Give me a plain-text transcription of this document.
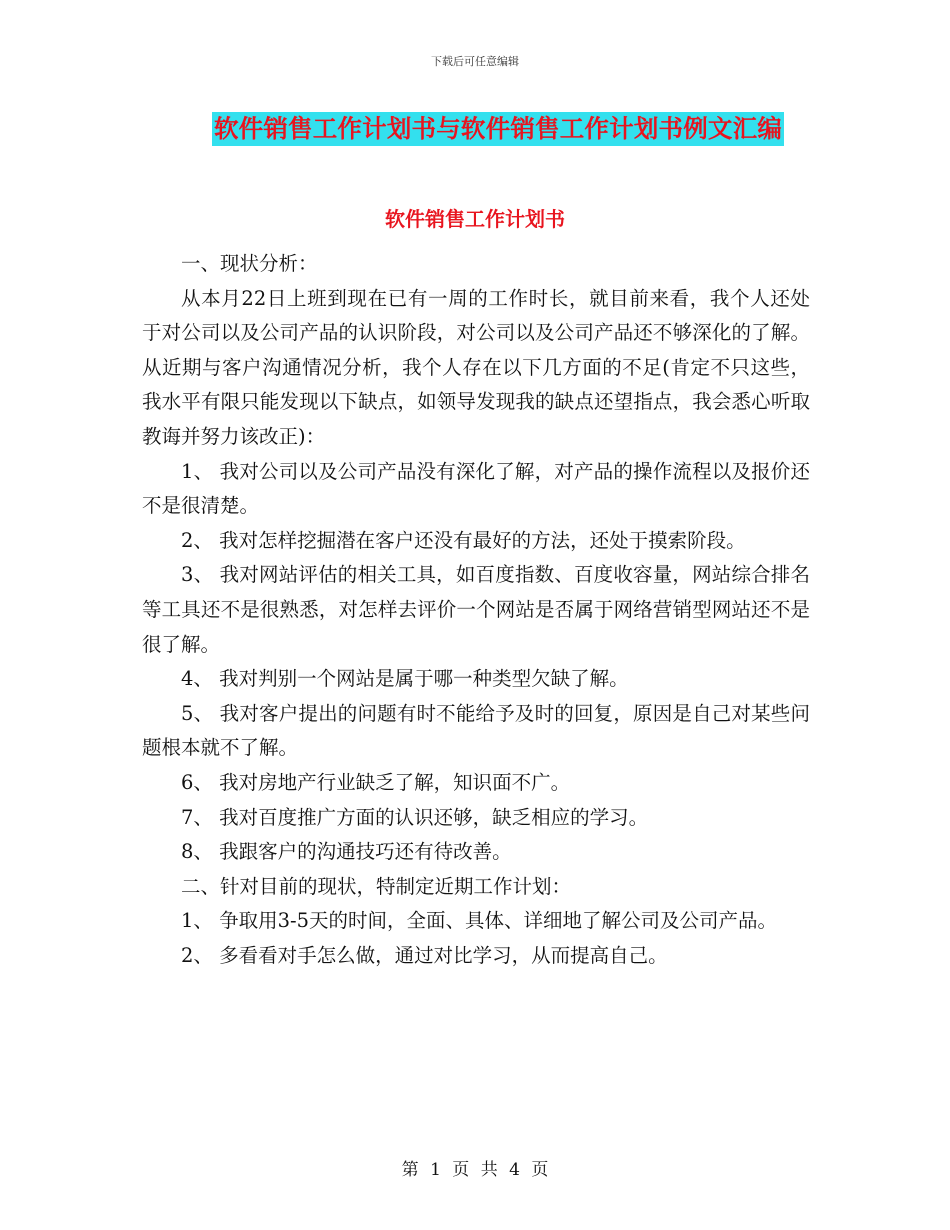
下载后可任意编辑
软件销售工作计划书与软件销售工作计划书例文汇编
软件销售工作计划书

一、现状分析：

从本月22日上班到现在已有一周的工作时长，就目前来看，我个人还处于对公司以及公司产品的认识阶段，对公司以及公司产品还不够深化的了解。从近期与客户沟通情况分析，我个人存在以下几方面的不足(肯定不只这些，我水平有限只能发现以下缺点，如领导发现我的缺点还望指点，我会悉心听取教诲并努力该改正)：

1、 我对公司以及公司产品没有深化了解，对产品的操作流程以及报价还不是很清楚。

2、 我对怎样挖掘潜在客户还没有最好的方法，还处于摸索阶段。

3、 我对网站评估的相关工具，如百度指数、百度收容量，网站综合排名等工具还不是很熟悉，对怎样去评价一个网站是否属于网络营销型网站还不是很了解。

4、 我对判别一个网站是属于哪一种类型欠缺了解。

5、 我对客户提出的问题有时不能给予及时的回复，原因是自己对某些问题根本就不了解。

6、 我对房地产行业缺乏了解，知识面不广。

7、 我对百度推广方面的认识还够，缺乏相应的学习。

8、 我跟客户的沟通技巧还有待改善。

二、针对目前的现状，特制定近期工作计划：

1、 争取用3-5天的时间，全面、具体、详细地了解公司及公司产品。

2、 多看看对手怎么做，通过对比学习，从而提高自己。

第 1 页 共 4 页
